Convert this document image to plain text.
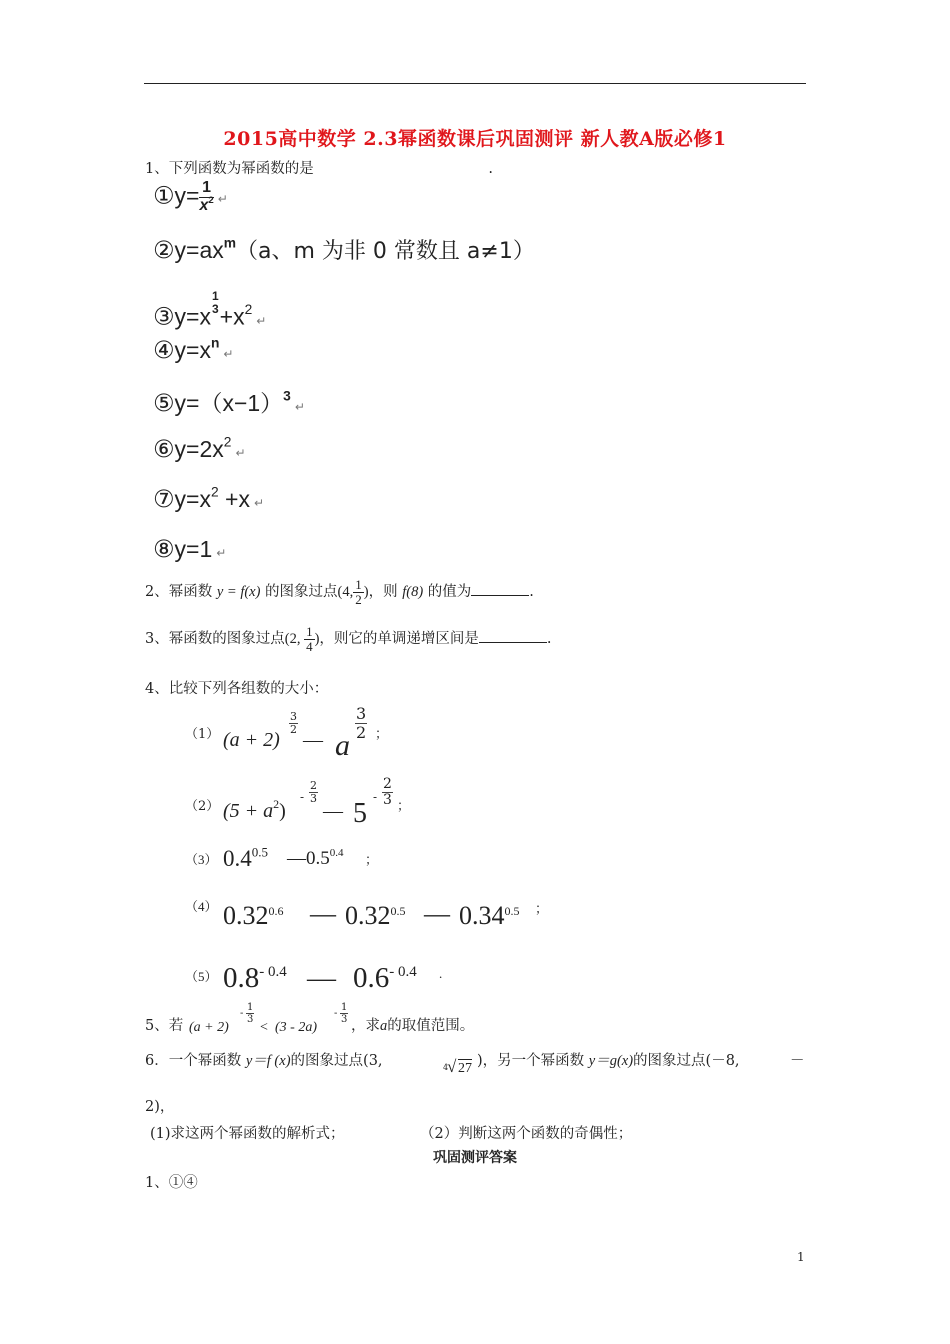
2015高中数学 2.3幂函数课后巩固测评 新人教A版必修1
1、下列函数为幂函数的是	.
①y= $\frac{1}{x^2}$ ↵
$②y=ax^m(a$、m 为非 0 常数且 a≠1）
③y=x
1
$3 +x^2↵$
$④y=x^n↵$
$⑤y=(x-1)^3↵$
$⑥y=2x^2↵$
$⑦y=x^2 +x$ ↵
⑧y=1 ↵
2、幂函数 y = f(x) 的图象过点(4, $\frac{1}{2}$ )，则 f(8) 的值为	.
3、幂函数的图象过点(2, $\frac{1}{4}$ )，则它的单调递增区间是	.
4、比较下列各组数的大小：
（1） (a + 2)
$\frac{3}{2}$
— a
$\frac{3}{2}$ ；
（2） $(5 + a^2)$
- $\frac{2}{3}$
— 5
- $\frac{2}{3}$ ；
（3） $0.4^{0.5}$ $—0.5^{0.4}$ ；
（4） $0.32^{0.6}$ — $0.32^{0.5}$ — $0.34^{0.5}$ ；
（5） $0.8^{- 0.4}$ — $0.6^{- 0.4}$ .
5、若 (a + 2)
- $\frac{1}{3}$
< (3 - 2a)
- $\frac{1}{3}$
，求a的取值范围。
6．一个幂函数 y＝f (x)的图象过点(3,	4
√ 27 )，另一个幂函数 y＝g(x)的图象过点(－8,	－
2)，
(1)求这两个幂函数的解析式；	（2）判断这两个函数的奇偶性；
巩固测评答案
1、①④
1
